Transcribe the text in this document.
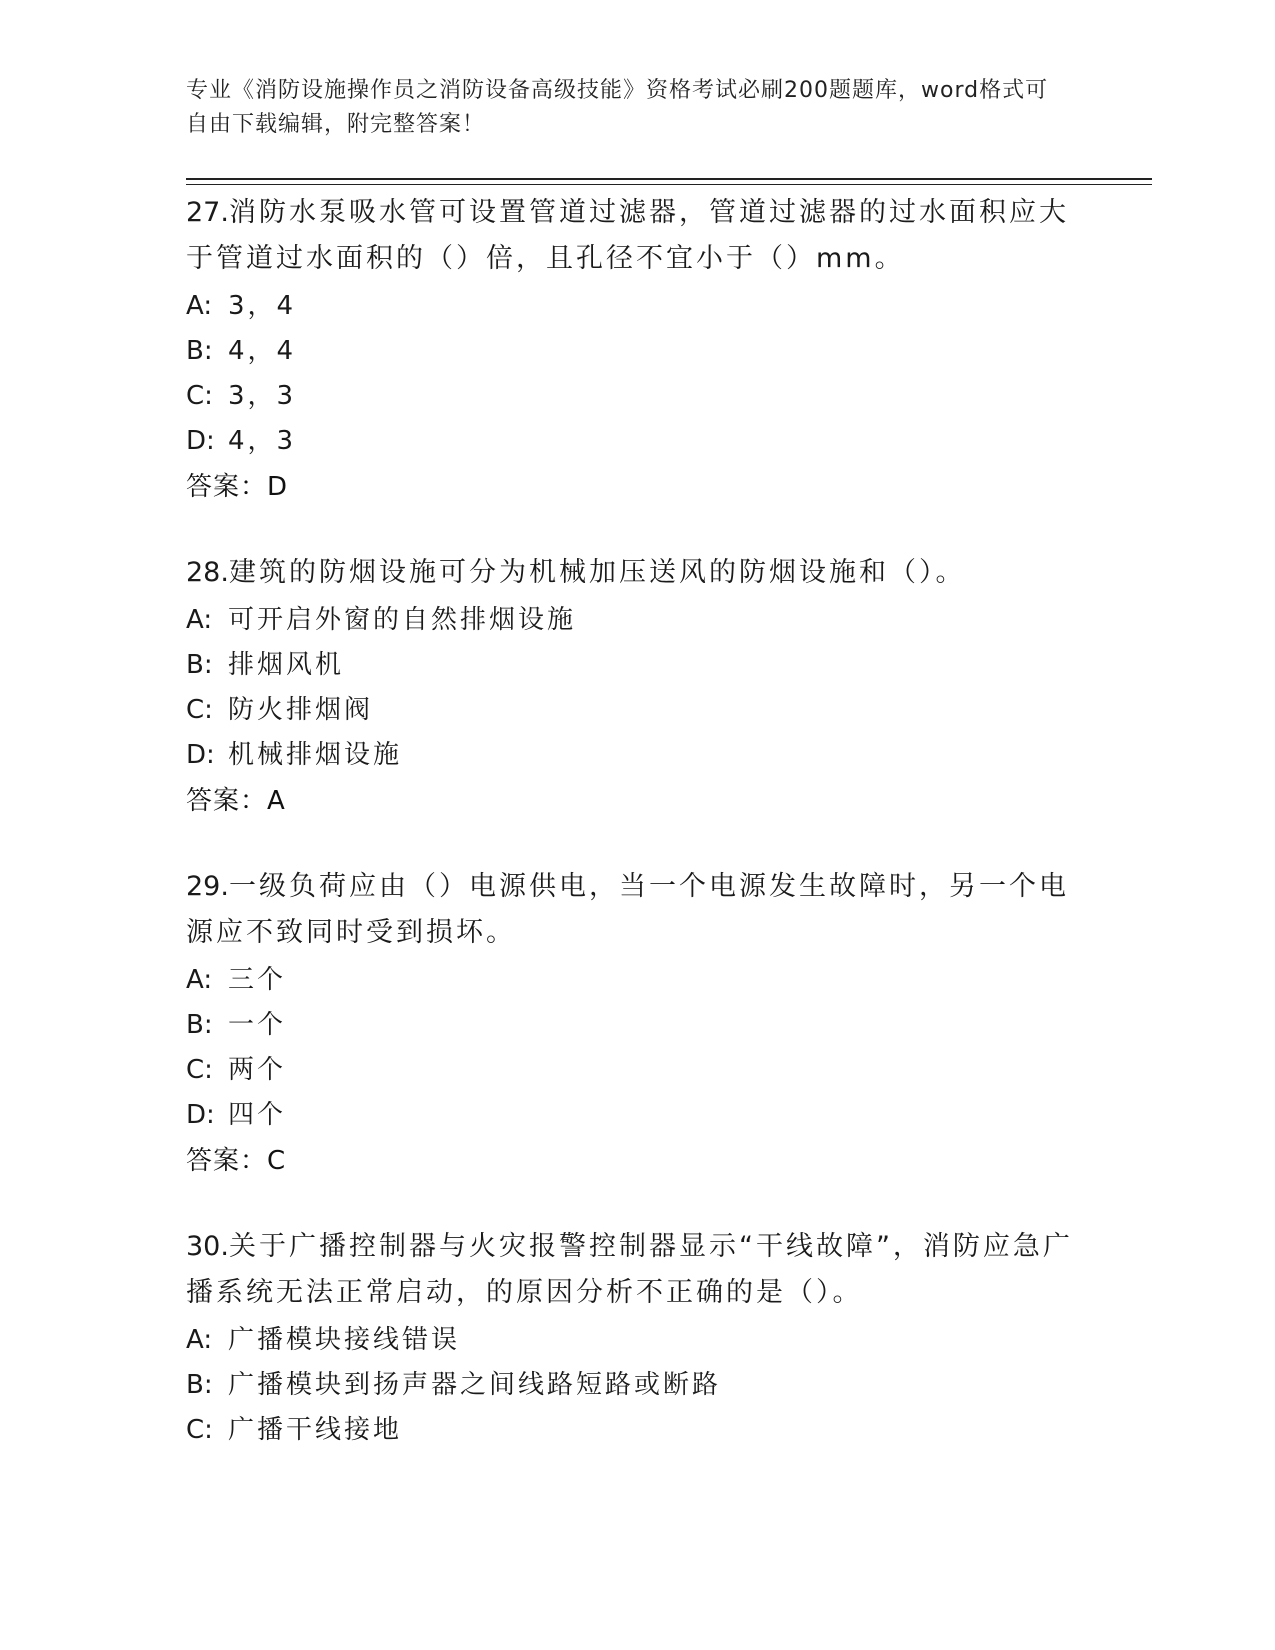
专业《消防设施操作员之消防设备高级技能》资格考试必刷200题题库，word格式可自由下载编辑，附完整答案！
27.消防水泵吸水管可设置管道过滤器，管道过滤器的过水面积应大于管道过水面积的（）倍，且孔径不宜小于（）mm。
A: 3，4
B: 4，4
C: 3，3
D: 4，3
答案：D
28.建筑的防烟设施可分为机械加压送风的防烟设施和（）。
A: 可开启外窗的自然排烟设施
B: 排烟风机
C: 防火排烟阀
D: 机械排烟设施
答案：A
29.一级负荷应由（）电源供电，当一个电源发生故障时，另一个电源应不致同时受到损坏。
A: 三个
B: 一个
C: 两个
D: 四个
答案：C
30.关于广播控制器与火灾报警控制器显示“干线故障”，消防应急广播系统无法正常启动，的原因分析不正确的是（）。
A: 广播模块接线错误
B: 广播模块到扬声器之间线路短路或断路
C: 广播干线接地
